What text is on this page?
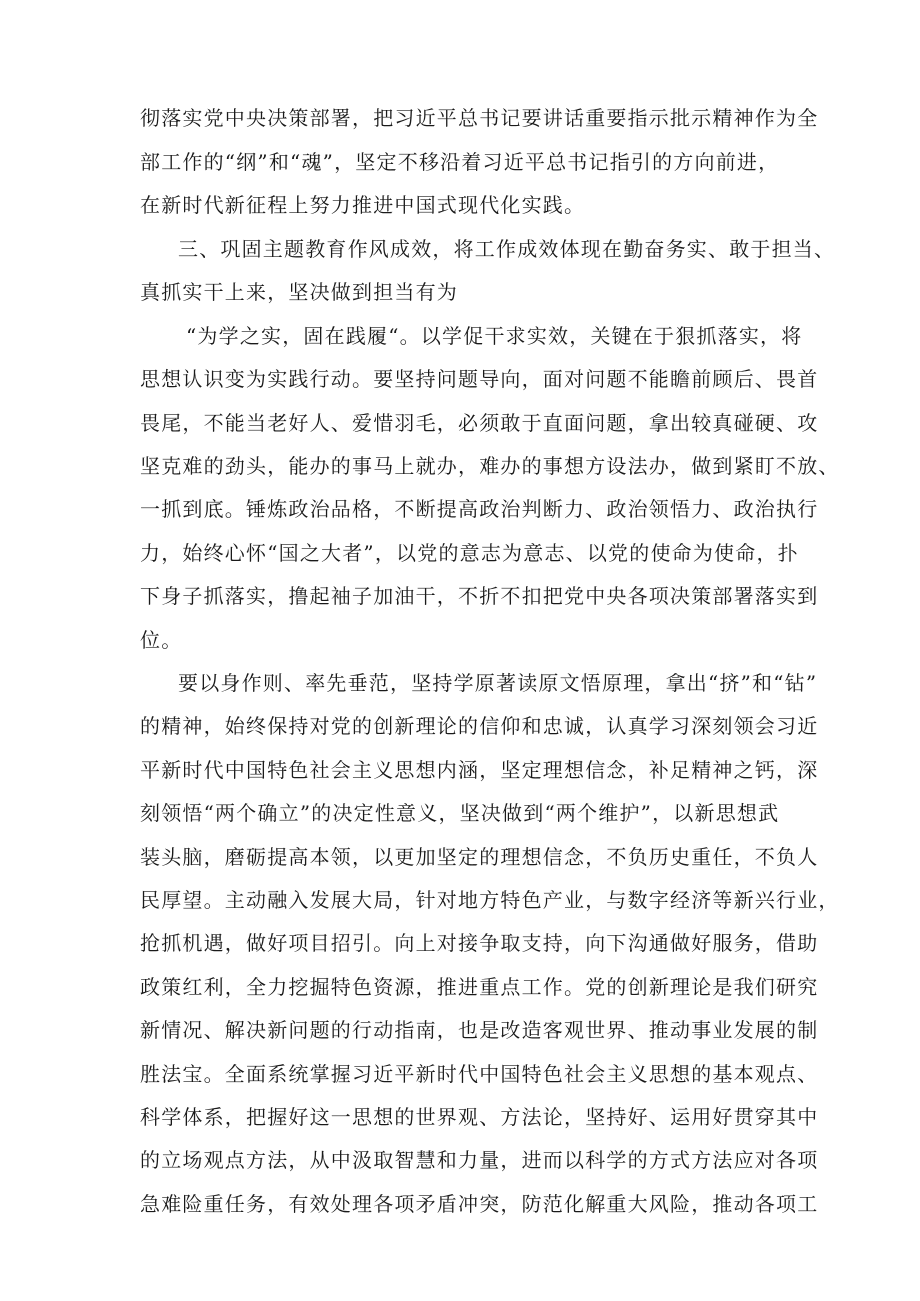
彻落实党中央决策部署，把习近平总书记要讲话重要指示批示精神作为全
部工作的“纲”和“魂”，坚定不移沿着习近平总书记指引的方向前进，
在新时代新征程上努力推进中国式现代化实践。
三、巩固主题教育作风成效，将工作成效体现在勤奋务实、敢于担当、
真抓实干上来，坚决做到担当有为
“为学之实，固在践履“。以学促干求实效，关键在于狠抓落实，将
思想认识变为实践行动。要坚持问题导向，面对问题不能瞻前顾后、畏首
畏尾，不能当老好人、爱惜羽毛，必须敢于直面问题，拿出较真碰硬、攻
坚克难的劲头，能办的事马上就办，难办的事想方设法办，做到紧盯不放、
一抓到底。锤炼政治品格，不断提高政治判断力、政治领悟力、政治执行
力，始终心怀“国之大者”，以党的意志为意志、以党的使命为使命，扑
下身子抓落实，撸起袖子加油干，不折不扣把党中央各项决策部署落实到
位。
要以身作则、率先垂范，坚持学原著读原文悟原理，拿出“挤”和“钻”
的精神，始终保持对党的创新理论的信仰和忠诚，认真学习深刻领会习近
平新时代中国特色社会主义思想内涵，坚定理想信念，补足精神之钙，深
刻领悟“两个确立”的决定性意义，坚决做到“两个维护”，以新思想武
装头脑，磨砺提高本领，以更加坚定的理想信念，不负历史重任，不负人
民厚望。主动融入发展大局，针对地方特色产业，与数字经济等新兴行业，
抢抓机遇，做好项目招引。向上对接争取支持，向下沟通做好服务，借助
政策红利，全力挖掘特色资源，推进重点工作。党的创新理论是我们研究
新情况、解决新问题的行动指南，也是改造客观世界、推动事业发展的制
胜法宝。全面系统掌握习近平新时代中国特色社会主义思想的基本观点、
科学体系，把握好这一思想的世界观、方法论，坚持好、运用好贯穿其中
的立场观点方法，从中汲取智慧和力量，进而以科学的方式方法应对各项
急难险重任务，有效处理各项矛盾冲突，防范化解重大风险，推动各项工
